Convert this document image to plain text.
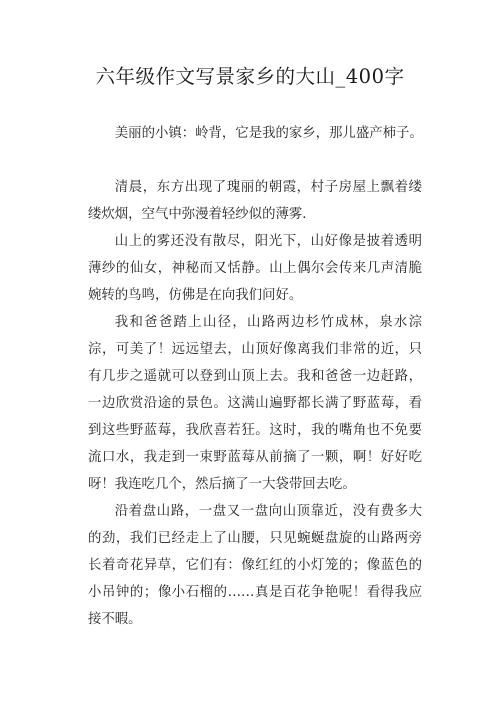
六年级作文写景家乡的大山_400字

美丽的小镇：岭背，它是我的家乡，那儿盛产柿子。

清晨，东方出现了瑰丽的朝霞，村子房屋上飘着缕缕炊烟，空气中弥漫着轻纱似的薄雾.

山上的雾还没有散尽，阳光下，山好像是披着透明薄纱的仙女，神秘而又恬静。山上偶尔会传来几声清脆婉转的鸟鸣，仿佛是在向我们问好。

我和爸爸踏上山径，山路两边杉竹成林，泉水淙淙，可美了！远远望去，山顶好像离我们非常的近，只有几步之遥就可以登到山顶上去。我和爸爸一边赶路，一边欣赏沿途的景色。这满山遍野都长满了野蓝莓，看到这些野蓝莓，我欣喜若狂。这时，我的嘴角也不免要流口水，我走到一束野蓝莓从前摘了一颗，啊！好好吃呀！我连吃几个，然后摘了一大袋带回去吃。

沿着盘山路，一盘又一盘向山顶靠近，没有费多大的劲，我们已经走上了山腰，只见蜿蜒盘旋的山路两旁长着奇花异草，它们有：像红红的小灯笼的；像蓝色的小吊钟的；像小石榴的……真是百花争艳呢！看得我应接不暇。
